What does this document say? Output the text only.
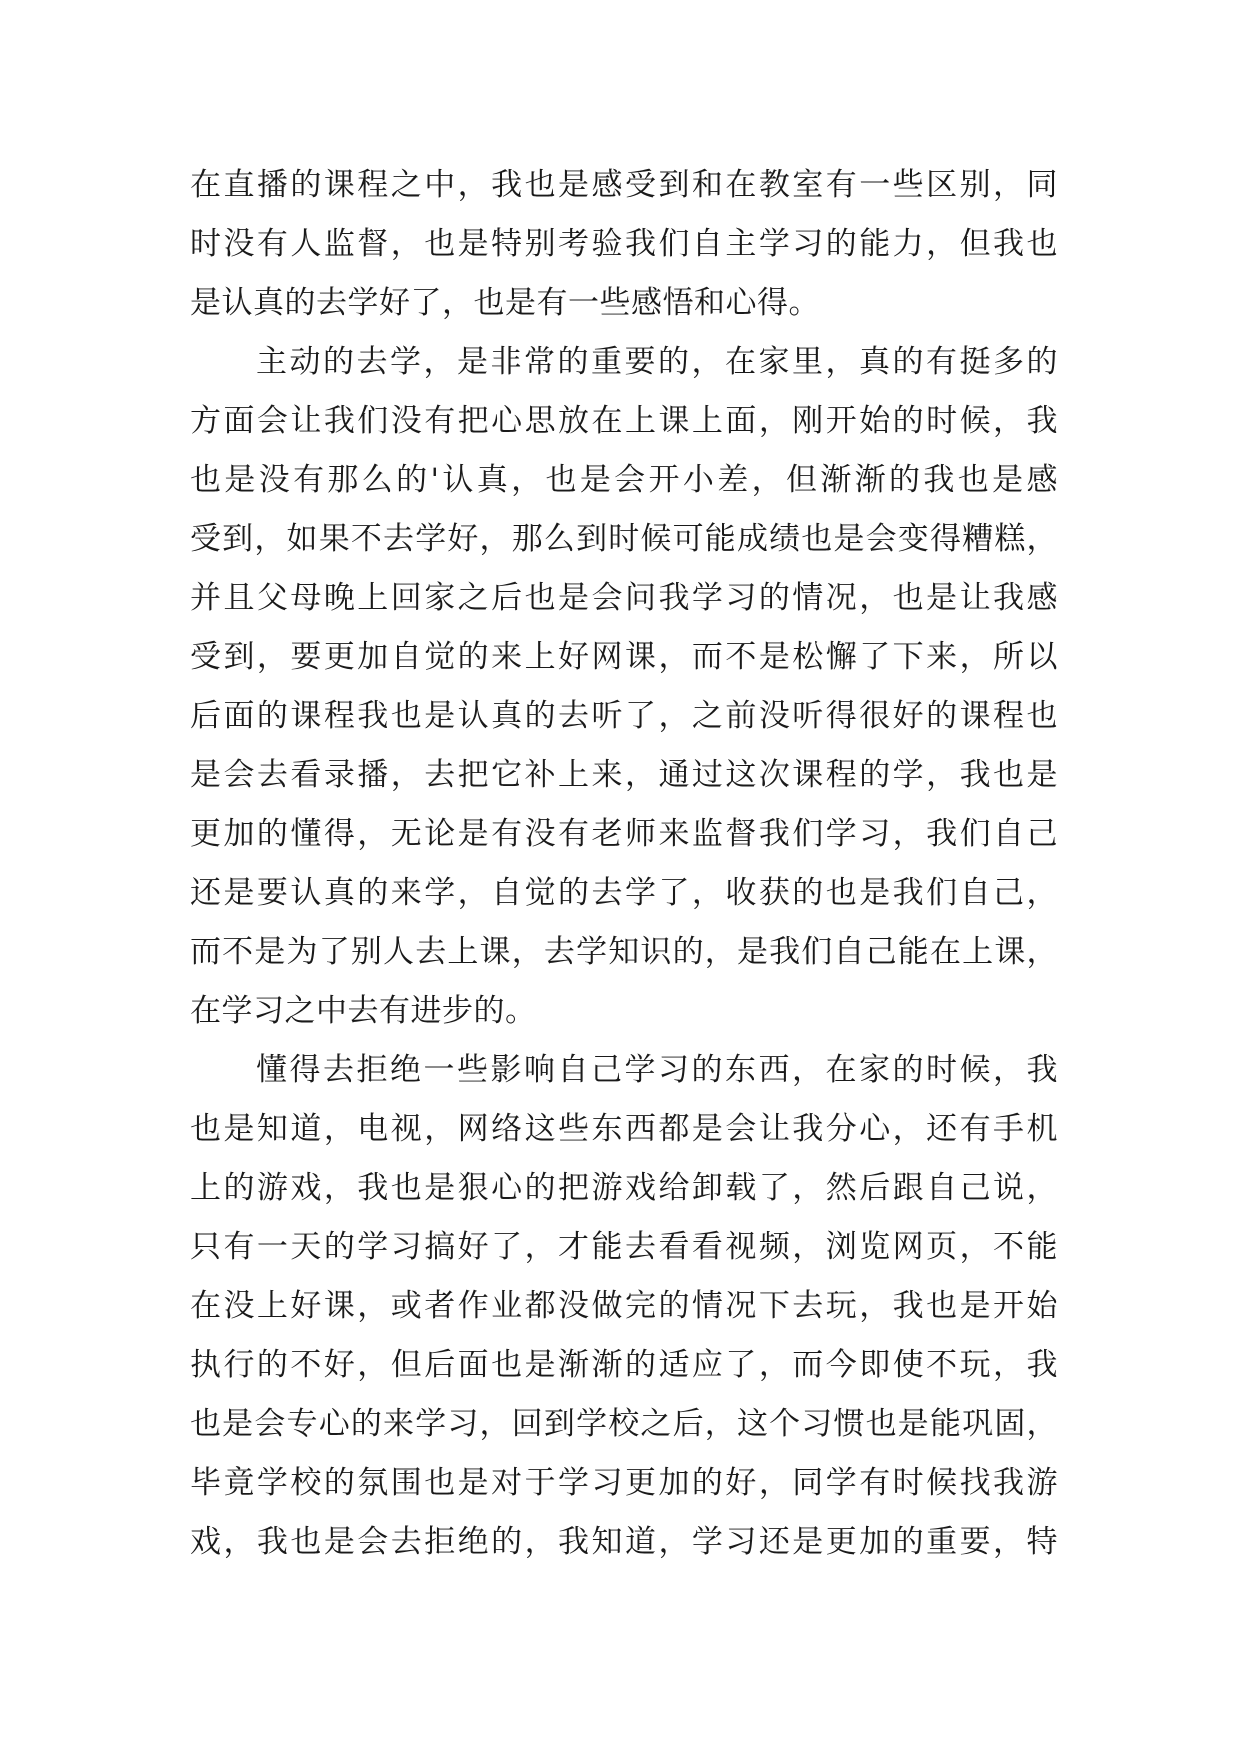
在直播的课程之中，我也是感受到和在教室有一些区别，同
时没有人监督，也是特别考验我们自主学习的能力，但我也
是认真的去学好了，也是有一些感悟和心得。
主动的去学，是非常的重要的，在家里，真的有挺多的
方面会让我们没有把心思放在上课上面，刚开始的时候，我
也是没有那么的'认真，也是会开小差，但渐渐的我也是感
受到，如果不去学好，那么到时候可能成绩也是会变得糟糕，
并且父母晚上回家之后也是会问我学习的情况，也是让我感
受到，要更加自觉的来上好网课，而不是松懈了下来，所以
后面的课程我也是认真的去听了，之前没听得很好的课程也
是会去看录播，去把它补上来，通过这次课程的学，我也是
更加的懂得，无论是有没有老师来监督我们学习，我们自己
还是要认真的来学，自觉的去学了，收获的也是我们自己，
而不是为了别人去上课，去学知识的，是我们自己能在上课，
在学习之中去有进步的。
懂得去拒绝一些影响自己学习的东西，在家的时候，我
也是知道，电视，网络这些东西都是会让我分心，还有手机
上的游戏，我也是狠心的把游戏给卸载了，然后跟自己说，
只有一天的学习搞好了，才能去看看视频，浏览网页，不能
在没上好课，或者作业都没做完的情况下去玩，我也是开始
执行的不好，但后面也是渐渐的适应了，而今即使不玩，我
也是会专心的来学习，回到学校之后，这个习惯也是能巩固，
毕竟学校的氛围也是对于学习更加的好，同学有时候找我游
戏，我也是会去拒绝的，我知道，学习还是更加的重要，特
